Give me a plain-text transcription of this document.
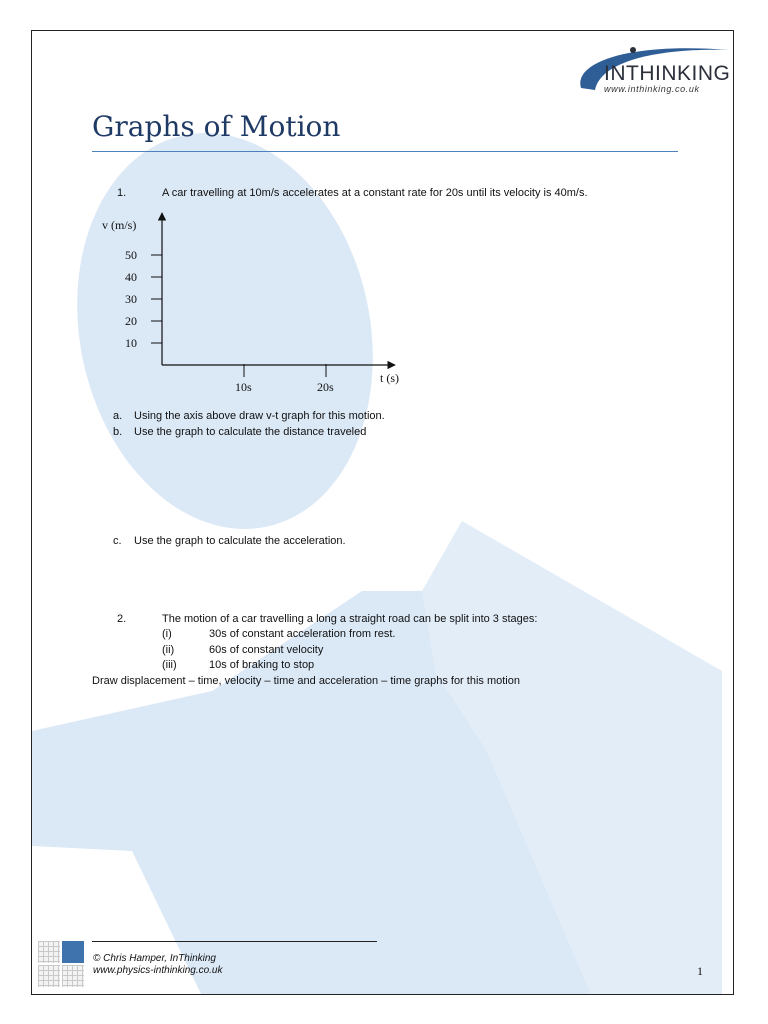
INTHINKING
www.inthinking.co.uk
Graphs of Motion
1.	A car travelling at 10m/s accelerates at a constant rate for 20s until its velocity is 40m/s.
v (m/s)
t (s)
10
20
30
40
50
10s	20s
a. Using the axis above draw v-t graph for this motion.
b. Use the graph to calculate the distance traveled
c. Use the graph to calculate the acceleration.
2.	The motion of a car travelling a long a straight road can be split into 3 stages:
(i)	30s of constant acceleration from rest.
(ii)	60s of constant velocity
(iii)	10s of braking to stop
Draw displacement – time, velocity – time and acceleration – time graphs for this motion
© Chris Hamper, InThinking
www.physics-inthinking.co.uk	1
